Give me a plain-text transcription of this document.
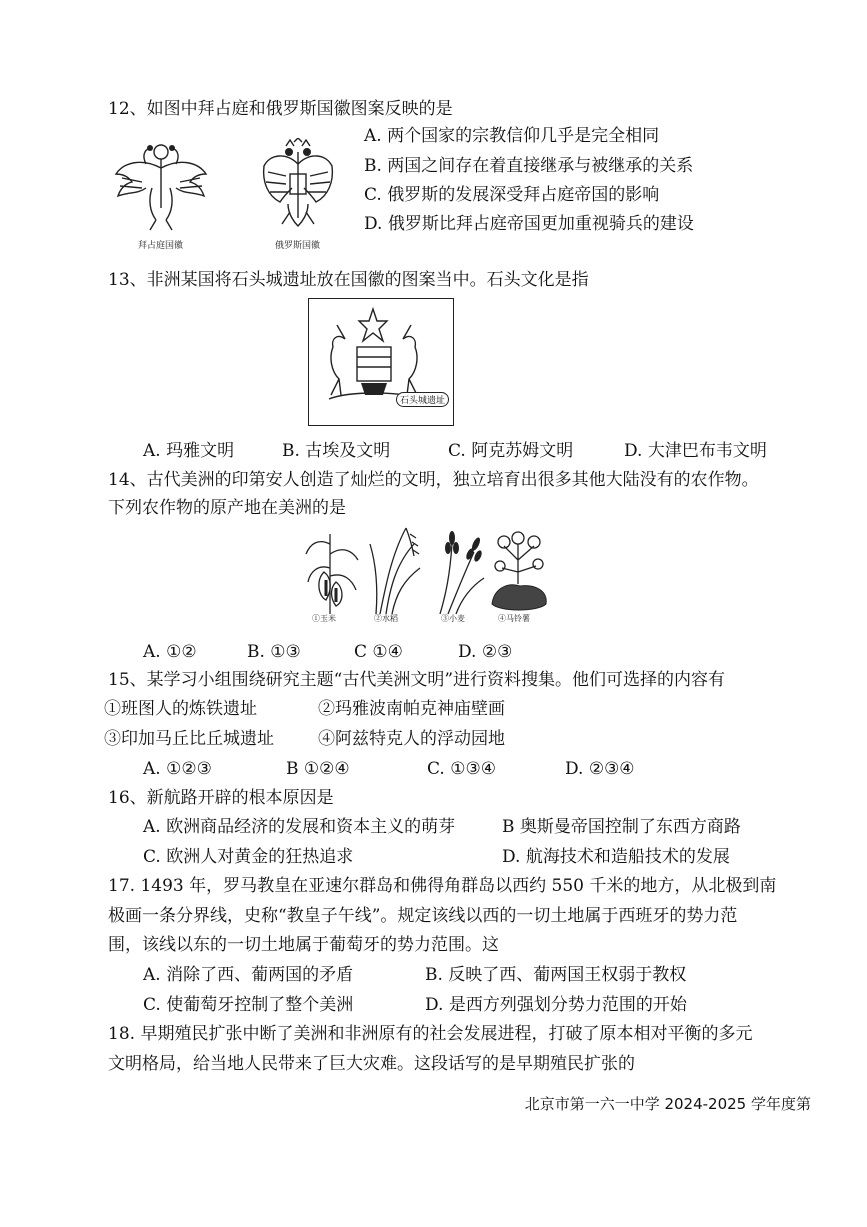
12、如图中拜占庭和俄罗斯国徽图案反映的是
拜占庭国徽	俄罗斯国徽
A. 两个国家的宗教信仰几乎是完全相同
B. 两国之间存在着直接继承与被继承的关系
C. 俄罗斯的发展深受拜占庭帝国的影响
D. 俄罗斯比拜占庭帝国更加重视骑兵的建设
13、非洲某国将石头城遗址放在国徽的图案当中。石头文化是指
石头城遗址
A. 玛雅文明	B. 古埃及文明	C. 阿克苏姆文明	D. 大津巴布韦文明
14、古代美洲的印第安人创造了灿烂的文明，独立培育出很多其他大陆没有的农作物。
下列农作物的原产地在美洲的是
①玉米	②水稻	③小麦	④马铃薯
A. ①②	B. ①③	C ①④	D. ②③
15、某学习小组围绕研究主题“古代美洲文明”进行资料搜集。他们可选择的内容有
①班图人的炼铁遗址	②玛雅波南帕克神庙壁画
③印加马丘比丘城遗址	④阿兹特克人的浮动园地
A. ①②③	B ①②④	C. ①③④	D. ②③④
16、新航路开辟的根本原因是
A. 欧洲商品经济的发展和资本主义的萌芽	B 奥斯曼帝国控制了东西方商路
C. 欧洲人对黄金的狂热追求	D. 航海技术和造船技术的发展
17. 1493 年，罗马教皇在亚速尔群岛和佛得角群岛以西约 550 千米的地方，从北极到南
极画一条分界线，史称“教皇子午线”。规定该线以西的一切土地属于西班牙的势力范
围，该线以东的一切土地属于葡萄牙的势力范围。这
A. 消除了西、葡两国的矛盾	B. 反映了西、葡两国王权弱于教权
C. 使葡萄牙控制了整个美洲	D. 是西方列强划分势力范围的开始
18. 早期殖民扩张中断了美洲和非洲原有的社会发展进程，打破了原本相对平衡的多元
文明格局，给当地人民带来了巨大灾难。这段话写的是早期殖民扩张的
北京市第一六一中学 2024-2025 学年度第
